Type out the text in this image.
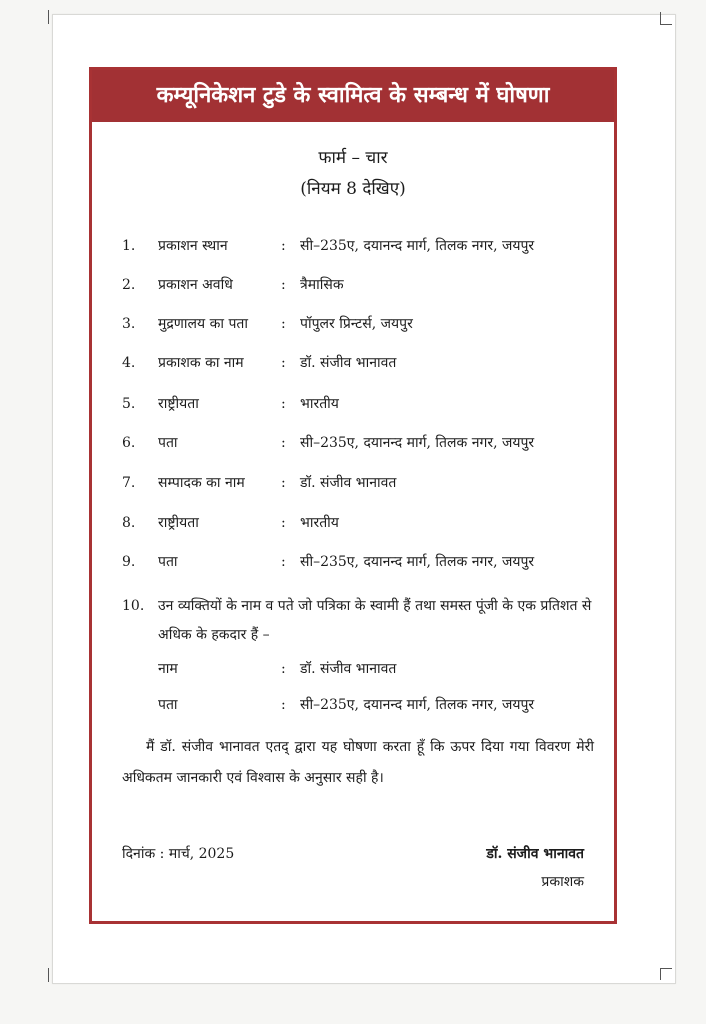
कम्यूनिकेशन टुडे के स्वामित्व के सम्बन्ध में घोषणा
फार्म – चार
(नियम 8 देखिए)
1.	प्रकाशन स्थान	: सी–235ए, दयानन्द मार्ग, तिलक नगर, जयपुर
2.	प्रकाशन अवधि	: त्रैमासिक
3.	मुद्रणालय का पता : पॉपुलर प्रिन्टर्स, जयपुर
4.	प्रकाशक का नाम	: डॉ. संजीव भानावत
5.	राष्ट्रीयता	: भारतीय
6.	पता	: सी–235ए, दयानन्द मार्ग, तिलक नगर, जयपुर
7.	सम्पादक का नाम	: डॉ. संजीव भानावत
8.	राष्ट्रीयता	: भारतीय
9.	पता	: सी–235ए, दयानन्द मार्ग, तिलक नगर, जयपुर
10. उन व्यक्तियों के नाम व पते जो पत्रिका के स्वामी हैं तथा समस्त पूंजी के एक प्रतिशत से अधिक के हकदार हैं –
नाम	: डॉ. संजीव भानावत
पता	: सी–235ए, दयानन्द मार्ग, तिलक नगर, जयपुर
मैं डॉ. संजीव भानावत एतद् द्वारा यह घोषणा करता हूँ कि ऊपर दिया गया विवरण मेरी अधिकतम जानकारी एवं विश्वास के अनुसार सही है।
दिनांक : मार्च, 2025	डॉ. संजीव भानावत
प्रकाशक
